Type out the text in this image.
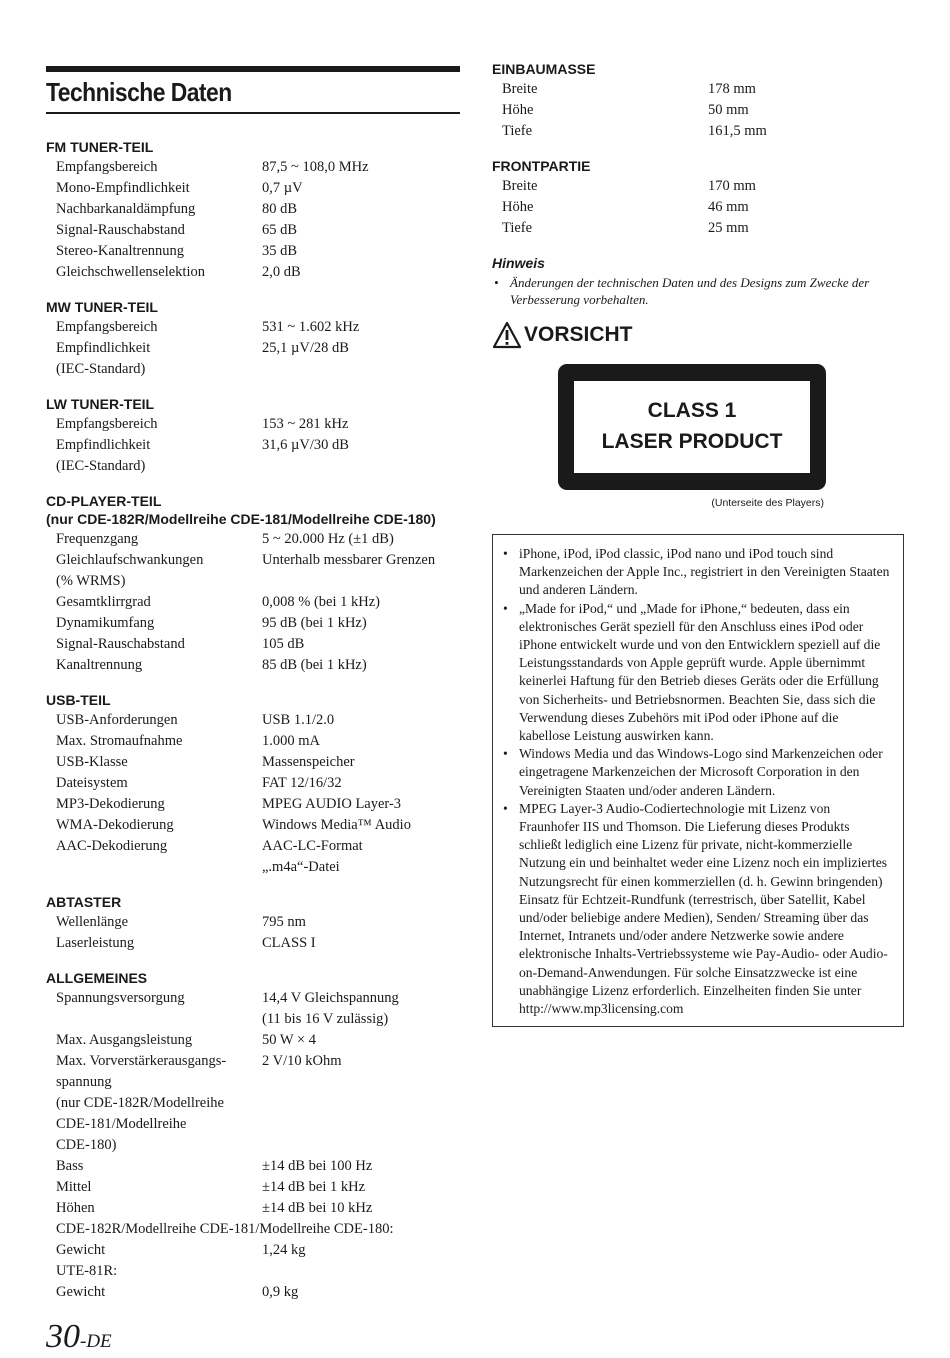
Technische Daten
FM TUNER-TEIL
Empfangsbereich	87,5 ~ 108,0 MHz
Mono-Empfindlichkeit	0,7 µV
Nachbarkanaldämpfung	80 dB
Signal-Rauschabstand	65 dB
Stereo-Kanaltrennung	35 dB
Gleichschwellenselektion	2,0 dB
MW TUNER-TEIL
Empfangsbereich	531 ~ 1.602 kHz
Empfindlichkeit	25,1 µV/28 dB
(IEC-Standard)
LW TUNER-TEIL
Empfangsbereich	153 ~ 281 kHz
Empfindlichkeit	31,6 µV/30 dB
(IEC-Standard)
CD-PLAYER-TEIL
(nur CDE-182R/Modellreihe CDE-181/Modellreihe CDE-180)
Frequenzgang	5 ~ 20.000 Hz (±1 dB)
Gleichlaufschwankungen	Unterhalb messbarer Grenzen
(% WRMS)
Gesamtklirrgrad	0,008 % (bei 1 kHz)
Dynamikumfang	95 dB (bei 1 kHz)
Signal-Rauschabstand	105 dB
Kanaltrennung	85 dB (bei 1 kHz)
USB-TEIL
USB-Anforderungen	USB 1.1/2.0
Max. Stromaufnahme	1.000 mA
USB-Klasse	Massenspeicher
Dateisystem	FAT 12/16/32
MP3-Dekodierung	MPEG AUDIO Layer-3
WMA-Dekodierung	Windows Media™ Audio
AAC-Dekodierung	AAC-LC-Format
„.m4a“-Datei
ABTASTER
Wellenlänge	795 nm
Laserleistung	CLASS I
ALLGEMEINES
Spannungsversorgung	14,4 V Gleichspannung
(11 bis 16 V zulässig)
Max. Ausgangsleistung	50 W × 4
Max. Vorverstärkerausgangs-	2 V/10 kOhm
spannung
(nur CDE-182R/Modellreihe
CDE-181/Modellreihe
CDE-180)
Bass	±14 dB bei 100 Hz
Mittel	±14 dB bei 1 kHz
Höhen	±14 dB bei 10 kHz
CDE-182R/Modellreihe CDE-181/Modellreihe CDE-180:
Gewicht	1,24 kg
UTE-81R:
Gewicht	0,9 kg
EINBAUMASSE
Breite	178 mm
Höhe	50 mm
Tiefe	161,5 mm
FRONTPARTIE
Breite	170 mm
Höhe	46 mm
Tiefe	25 mm
Hinweis
• Änderungen der technischen Daten und des Designs zum Zwecke der Verbesserung vorbehalten.
VORSICHT
CLASS 1
LASER PRODUCT
(Unterseite des Players)
• iPhone, iPod, iPod classic, iPod nano und iPod touch sind Markenzeichen der Apple Inc., registriert in den Vereinigten Staaten und anderen Ländern.
• „Made for iPod,“ und „Made for iPhone,“ bedeuten, dass ein elektronisches Gerät speziell für den Anschluss eines iPod oder iPhone entwickelt wurde und von den Entwicklern speziell auf die Leistungsstandards von Apple geprüft wurde. Apple übernimmt keinerlei Haftung für den Betrieb dieses Geräts oder die Erfüllung von Sicherheits- und Betriebsnormen. Beachten Sie, dass sich die Verwendung dieses Zubehörs mit iPod oder iPhone auf die kabellose Leistung auswirken kann.
• Windows Media und das Windows-Logo sind Markenzeichen oder eingetragene Markenzeichen der Microsoft Corporation in den Vereinigten Staaten und/oder anderen Ländern.
• MPEG Layer-3 Audio-Codiertechnologie mit Lizenz von Fraunhofer IIS und Thomson. Die Lieferung dieses Produkts schließt lediglich eine Lizenz für private, nicht-kommerzielle Nutzung ein und beinhaltet weder eine Lizenz noch ein impliziertes Nutzungsrecht für einen kommerziellen (d. h. Gewinn bringenden) Einsatz für Echtzeit-Rundfunk (terrestrisch, über Satellit, Kabel und/oder beliebige andere Medien), Senden/ Streaming über das Internet, Intranets und/oder andere Netzwerke sowie andere elektronische Inhalts-Vertriebssysteme wie Pay-Audio- oder Audio-on-Demand-Anwendungen. Für solche Einsatzzwecke ist eine unabhängige Lizenz erforderlich. Einzelheiten finden Sie unter http://www.mp3licensing.com
30-DE
